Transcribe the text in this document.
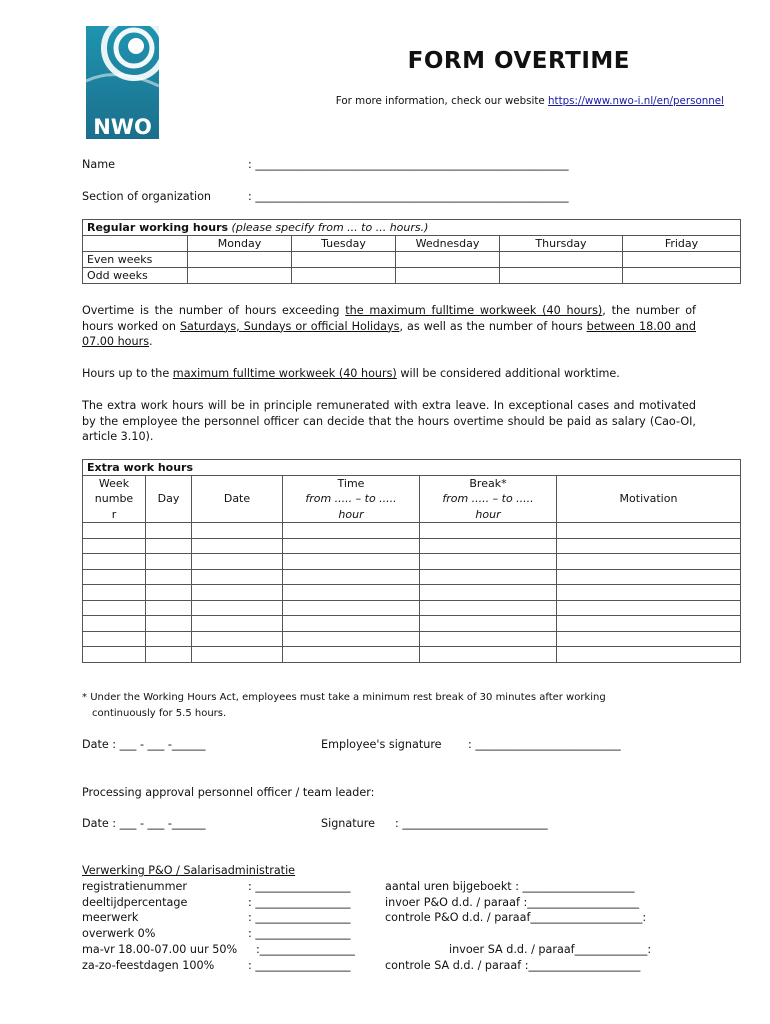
NWO
FORM OVERTIME
For more information, check our website https://www.nwo-i.nl/en/personnel
Name	: ________________________________________________________
Section of organization	: ________________________________________________________
Regular working hours (please specify from ... to ... hours.)					
	Monday	Tuesday	Wednesday	Thursday	Friday
Even weeks					
Odd weeks					
Overtime is the number of hours exceeding the maximum fulltime workweek (40 hours), the number of hours worked on Saturdays, Sundays or official Holidays, as well as the number of hours between 18.00 and 07.00 hours.
Hours up to the maximum fulltime workweek (40 hours) will be considered additional worktime.
The extra work hours will be in principle remunerated with extra leave. In exceptional cases and motivated by the employee the personnel officer can decide that the hours overtime should be paid as salary (Cao-OI, article 3.10).
Extra work hours					
Week
numbe
r	Day	Date	Time
from ..... – to .....
hour	Break*
from ..... – to .....
hour	Motivation

* Under the Working Hours Act, employees must take a minimum rest break of 30 minutes after working
continuously for 5.5 hours.
Date : ___ - ___ -______	Employee's signature : __________________________
Processing approval personnel officer / team leader:
Date : ___ - ___ -______	Signature : __________________________
Verwerking P&O / Salarisadministratie
registratienummer	: _________________
deeltijdpercentage	: _________________
meerwerk	: _________________
overwerk 0%	: _________________
ma-vr 18.00-07.00 uur 50% :_________________
za-zo-feestdagen 100%	: _________________
aantal uren bijgeboekt : ____________________
invoer P&O d.d. / paraaf :____________________
controle P&O d.d. / paraaf____________________:
invoer SA d.d. / paraaf_____________:
controle SA d.d. / paraaf :____________________
